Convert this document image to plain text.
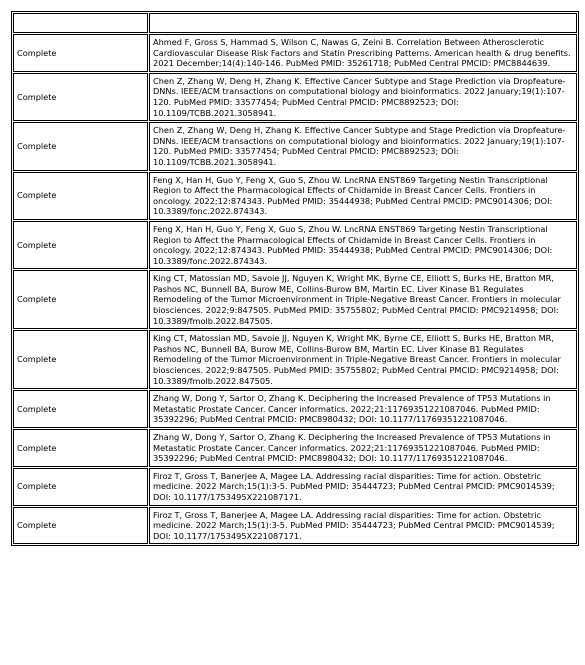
Complete	Ahmed F, Gross S, Hammad S, Wilson C, Nawas G, Zeini B. Correlation Between Atherosclerotic Cardiovascular Disease Risk Factors and Statin Prescribing Patterns. American health & drug benefits. 2021 December;14(4):140-146. PubMed PMID: 35261718; PubMed Central PMCID: PMC8844639.
Complete	Chen Z, Zhang W, Deng H, Zhang K. Effective Cancer Subtype and Stage Prediction via Dropfeature-DNNs. IEEE/ACM transactions on computational biology and bioinformatics. 2022 January;19(1):107-120. PubMed PMID: 33577454; PubMed Central PMCID: PMC8892523; DOI: 10.1109/TCBB.2021.3058941.
Complete	Chen Z, Zhang W, Deng H, Zhang K. Effective Cancer Subtype and Stage Prediction via Dropfeature-DNNs. IEEE/ACM transactions on computational biology and bioinformatics. 2022 January;19(1):107-120. PubMed PMID: 33577454; PubMed Central PMCID: PMC8892523; DOI: 10.1109/TCBB.2021.3058941.
Complete	Feng X, Han H, Guo Y, Feng X, Guo S, Zhou W. LncRNA ENST869 Targeting Nestin Transcriptional Region to Affect the Pharmacological Effects of Chidamide in Breast Cancer Cells. Frontiers in oncology. 2022;12:874343. PubMed PMID: 35444938; PubMed Central PMCID: PMC9014306; DOI: 10.3389/fonc.2022.874343.
Complete	Feng X, Han H, Guo Y, Feng X, Guo S, Zhou W. LncRNA ENST869 Targeting Nestin Transcriptional Region to Affect the Pharmacological Effects of Chidamide in Breast Cancer Cells. Frontiers in oncology. 2022;12:874343. PubMed PMID: 35444938; PubMed Central PMCID: PMC9014306; DOI: 10.3389/fonc.2022.874343.
Complete	King CT, Matossian MD, Savoie JJ, Nguyen K, Wright MK, Byrne CE, Elliott S, Burks HE, Bratton MR, Pashos NC, Bunnell BA, Burow ME, Collins-Burow BM, Martin EC. Liver Kinase B1 Regulates Remodeling of the Tumor Microenvironment in Triple-Negative Breast Cancer. Frontiers in molecular biosciences. 2022;9:847505. PubMed PMID: 35755802; PubMed Central PMCID: PMC9214958; DOI: 10.3389/fmolb.2022.847505.
Complete	King CT, Matossian MD, Savoie JJ, Nguyen K, Wright MK, Byrne CE, Elliott S, Burks HE, Bratton MR, Pashos NC, Bunnell BA, Burow ME, Collins-Burow BM, Martin EC. Liver Kinase B1 Regulates Remodeling of the Tumor Microenvironment in Triple-Negative Breast Cancer. Frontiers in molecular biosciences. 2022;9:847505. PubMed PMID: 35755802; PubMed Central PMCID: PMC9214958; DOI: 10.3389/fmolb.2022.847505.
Complete	Zhang W, Dong Y, Sartor O, Zhang K. Deciphering the Increased Prevalence of TP53 Mutations in Metastatic Prostate Cancer. Cancer informatics. 2022;21:11769351221087046. PubMed PMID: 35392296; PubMed Central PMCID: PMC8980432; DOI: 10.1177/11769351221087046.
Complete	Zhang W, Dong Y, Sartor O, Zhang K. Deciphering the Increased Prevalence of TP53 Mutations in Metastatic Prostate Cancer. Cancer informatics. 2022;21:11769351221087046. PubMed PMID: 35392296; PubMed Central PMCID: PMC8980432; DOI: 10.1177/11769351221087046.
Complete	Firoz T, Gross T, Banerjee A, Magee LA. Addressing racial disparities: Time for action. Obstetric medicine. 2022 March;15(1):3-5. PubMed PMID: 35444723; PubMed Central PMCID: PMC9014539; DOI: 10.1177/1753495X221087171.
Complete	Firoz T, Gross T, Banerjee A, Magee LA. Addressing racial disparities: Time for action. Obstetric medicine. 2022 March;15(1):3-5. PubMed PMID: 35444723; PubMed Central PMCID: PMC9014539; DOI: 10.1177/1753495X221087171.
